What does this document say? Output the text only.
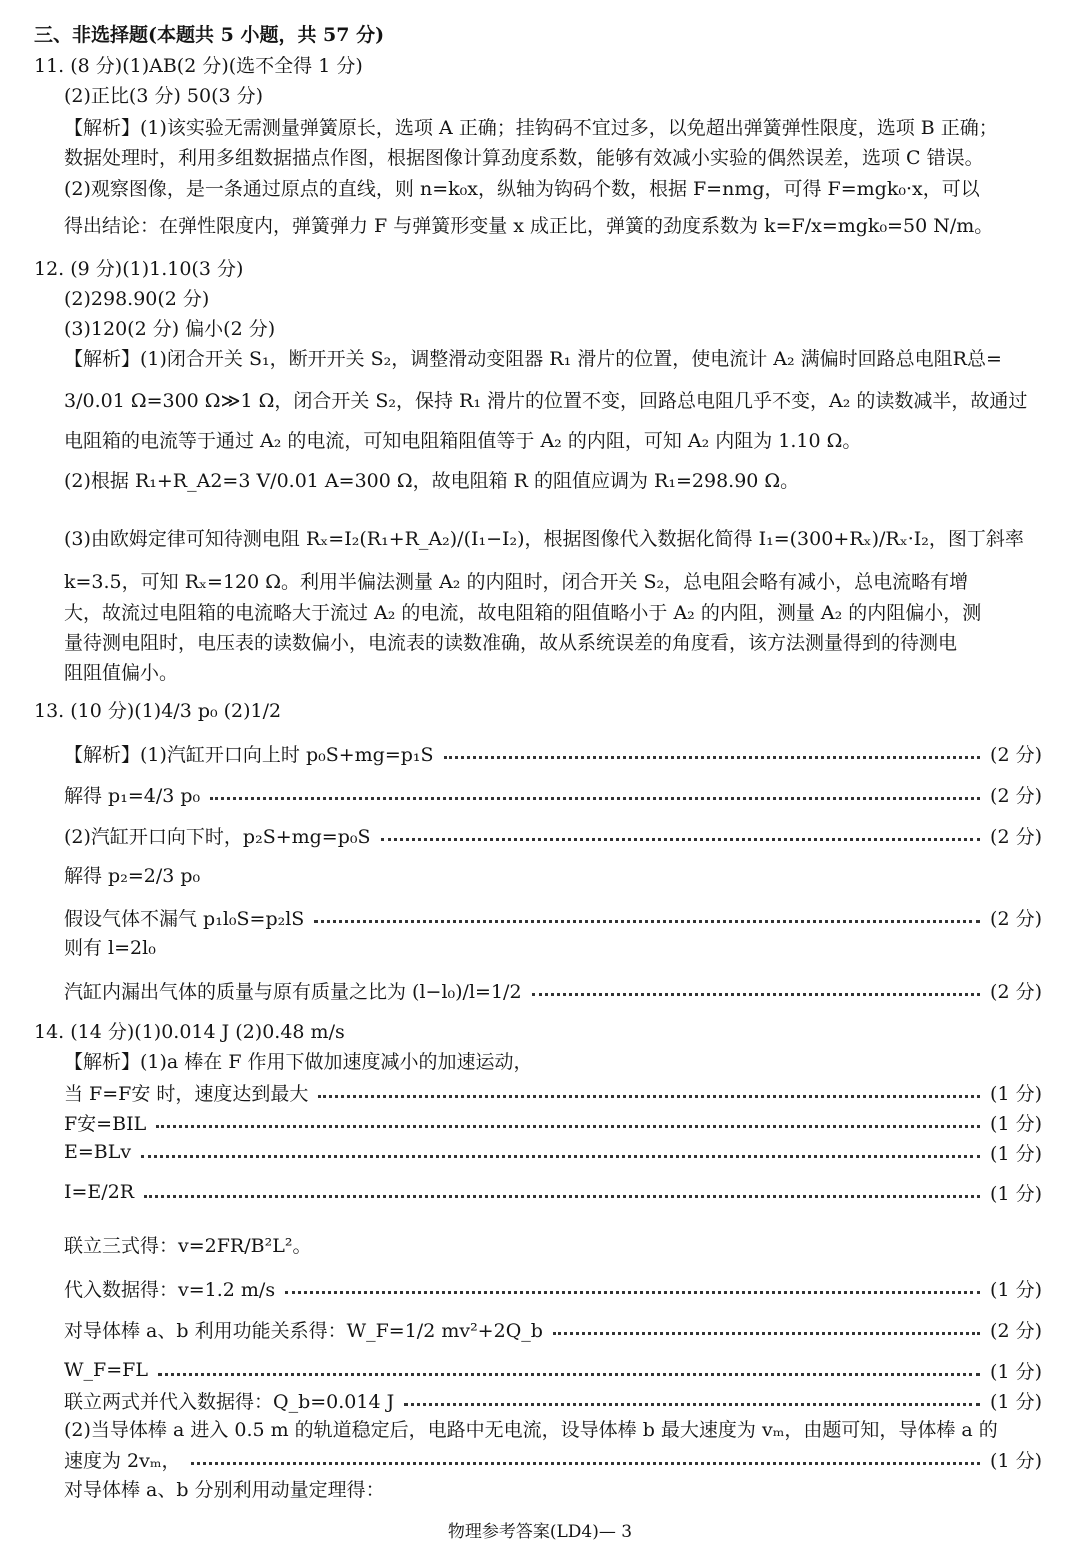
三、非选择题(本题共 5 小题，共 57 分)
11. (8 分)(1)AB(2 分)(选不全得 1 分)
(2)正比(3 分) 50(3 分)
【解析】(1)该实验无需测量弹簧原长，选项 A 正确；挂钩码不宜过多，以免超出弹簧弹性限度，选项 B 正确；
数据处理时，利用多组数据描点作图，根据图像计算劲度系数，能够有效减小实验的偶然误差，选项 C 错误。
(2)观察图像，是一条通过原点的直线，则 n=k₀x，纵轴为钩码个数，根据 F=nmg，可得 F=mgk₀·x，可以
得出结论：在弹性限度内，弹簧弹力 F 与弹簧形变量 x 成正比，弹簧的劲度系数为 k=F/x=mgk₀=50 N/m。
12. (9 分)(1)1.10(3 分)
(2)298.90(2 分)
(3)120(2 分) 偏小(2 分)
【解析】(1)闭合开关 S₁，断开开关 S₂，调整滑动变阻器 R₁ 滑片的位置，使电流计 A₂ 满偏时回路总电阻R总=
3/0.01 Ω=300 Ω≫1 Ω，闭合开关 S₂，保持 R₁ 滑片的位置不变，回路总电阻几乎不变，A₂ 的读数减半，故通过
电阻箱的电流等于通过 A₂ 的电流，可知电阻箱阻值等于 A₂ 的内阻，可知 A₂ 内阻为 1.10 Ω。
(2)根据 R₁+R_A2=3 V/0.01 A=300 Ω，故电阻箱 R 的阻值应调为 R₁=298.90 Ω。
(3)由欧姆定律可知待测电阻 Rₓ=I₂(R₁+R_A₂)/(I₁−I₂)，根据图像代入数据化简得 I₁=(300+Rₓ)/Rₓ·I₂，图丁斜率
k=3.5，可知 Rₓ=120 Ω。利用半偏法测量 A₂ 的内阻时，闭合开关 S₂，总电阻会略有减小，总电流略有增
大，故流过电阻箱的电流略大于流过 A₂ 的电流，故电阻箱的阻值略小于 A₂ 的内阻，测量 A₂ 的内阻偏小，测
量待测电阻时，电压表的读数偏小，电流表的读数准确，故从系统误差的角度看，该方法测量得到的待测电
阻阻值偏小。
13. (10 分)(1)4/3 p₀ (2)1/2
【解析】(1)汽缸开口向上时 p₀S+mg=p₁S	(2 分)
解得 p₁=4/3 p₀	(2 分)
(2)汽缸开口向下时，p₂S+mg=p₀S	(2 分)
解得 p₂=2/3 p₀
假设气体不漏气 p₁l₀S=p₂lS	(2 分)
则有 l=2l₀
汽缸内漏出气体的质量与原有质量之比为 (l−l₀)/l=1/2	(2 分)
14. (14 分)(1)0.014 J (2)0.48 m/s
【解析】(1)a 棒在 F 作用下做加速度减小的加速运动，
当 F=F安 时，速度达到最大	(1 分)
F安=BIL	(1 分)
E=BLv	(1 分)
I=E/2R	(1 分)
联立三式得：v=2FR/B²L²。
代入数据得：v=1.2 m/s	(1 分)
对导体棒 a、b 利用功能关系得：W_F=1/2 mv²+2Q_b	(2 分)
W_F=FL	(1 分)
联立两式并代入数据得：Q_b=0.014 J	(1 分)
(2)当导体棒 a 进入 0.5 m 的轨道稳定后，电路中无电流，设导体棒 b 最大速度为 vₘ，由题可知，导体棒 a 的
速度为 2vₘ，	(1 分)
对导体棒 a、b 分别利用动量定理得：
物理参考答案(LD4)— 3
